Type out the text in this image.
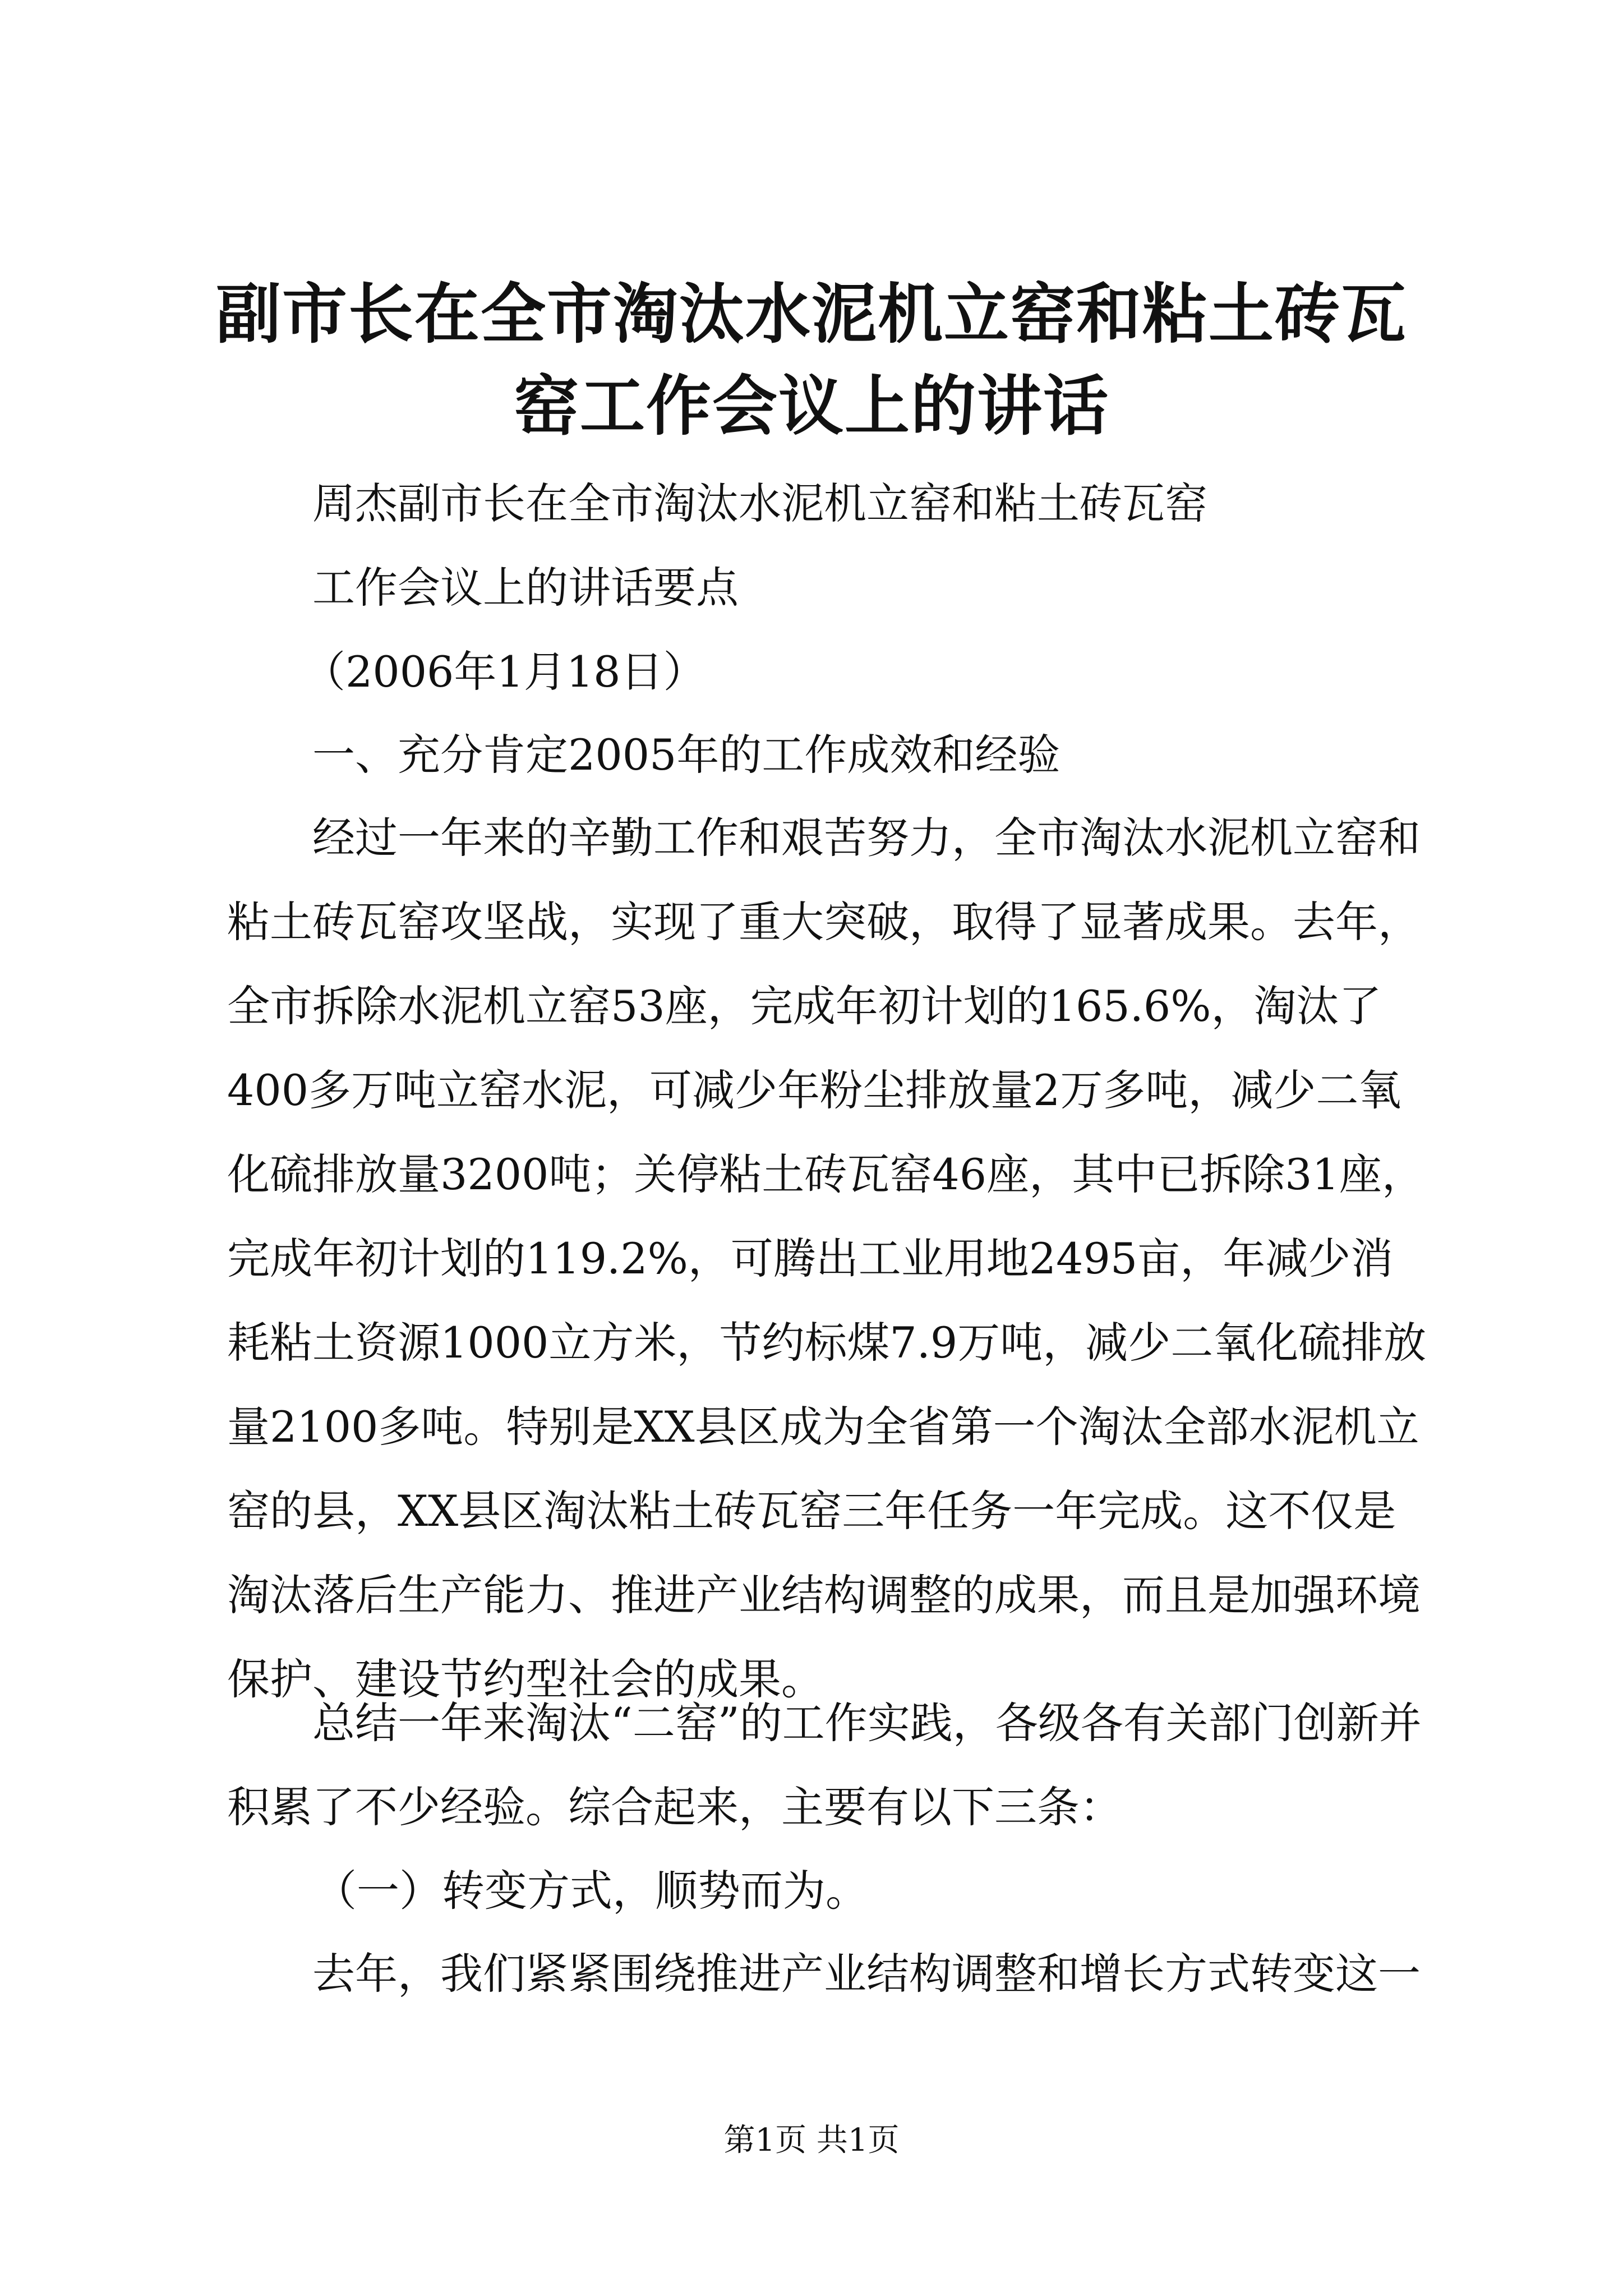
副市长在全市淘汰水泥机立窑和粘土砖瓦窑工作会议上的讲话

周杰副市长在全市淘汰水泥机立窑和粘土砖瓦窑

工作会议上的讲话要点

（2006年1月18日）

一、充分肯定2005年的工作成效和经验

经过一年来的辛勤工作和艰苦努力，全市淘汰水泥机立窑和粘土砖瓦窑攻坚战，实现了重大突破，取得了显著成果。去年，全市拆除水泥机立窑53座，完成年初计划的165.6%，淘汰了400多万吨立窑水泥，可减少年粉尘排放量2万多吨，减少二氧化硫排放量3200吨；关停粘土砖瓦窑46座，其中已拆除31座，完成年初计划的119.2%，可腾出工业用地2495亩，年减少消耗粘土资源1000立方米，节约标煤7.9万吨，减少二氧化硫排放量2100多吨。特别是XX县区成为全省第一个淘汰全部水泥机立窑的县，XX县区淘汰粘土砖瓦窑三年任务一年完成。这不仅是淘汰落后生产能力、推进产业结构调整的成果，而且是加强环境保护、建设节约型社会的成果。

总结一年来淘汰“二窑”的工作实践，各级各有关部门创新并积累了不少经验。综合起来，主要有以下三条：

（一）转变方式，顺势而为。

去年，我们紧紧围绕推进产业结构调整和增长方式转变这一

第1页 共1页
